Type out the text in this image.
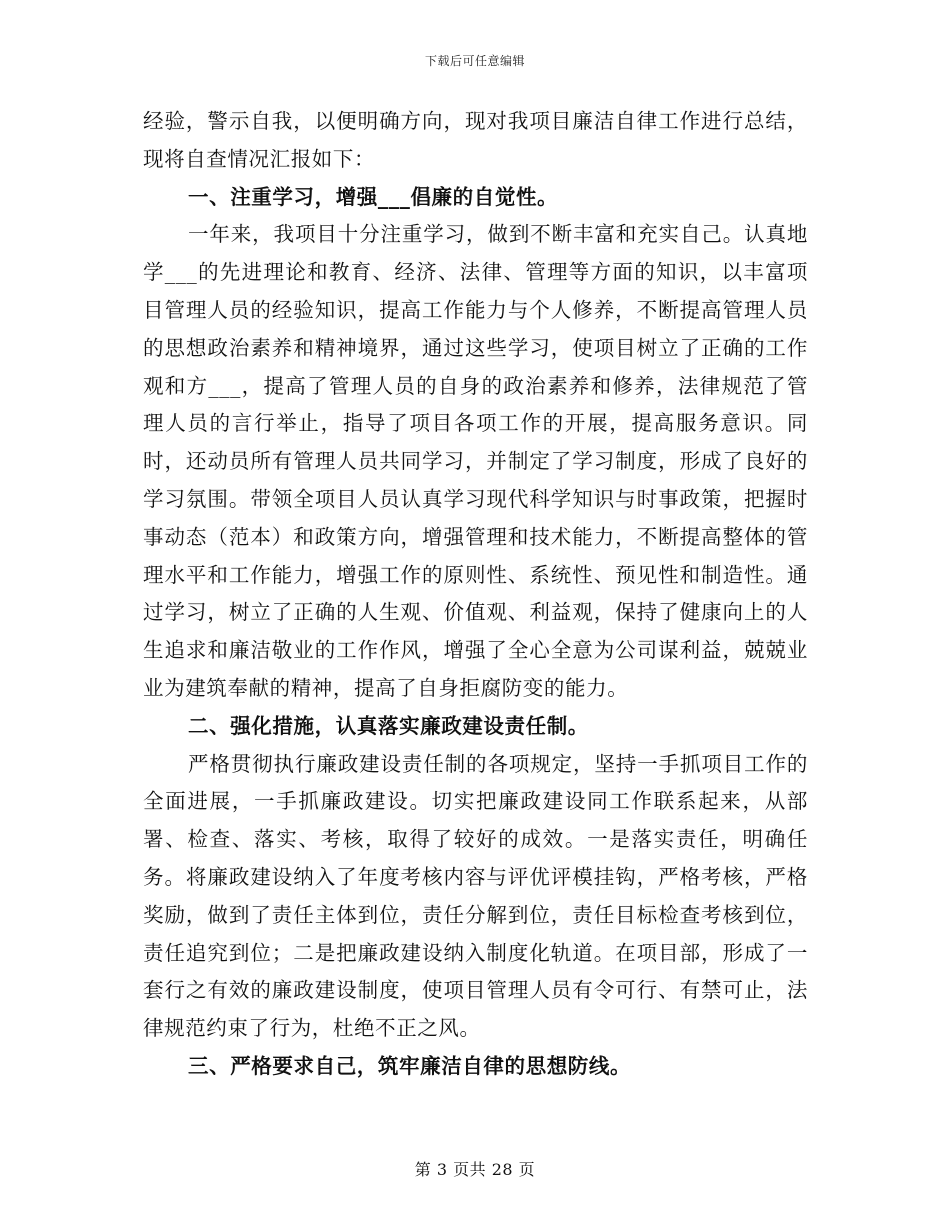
下载后可任意编辑

经验，警示自我，以便明确方向，现对我项目廉洁自律工作进行总结，现将自查情况汇报如下：

一、注重学习，增强___倡廉的自觉性。

一年来，我项目十分注重学习，做到不断丰富和充实自己。认真地学___的先进理论和教育、经济、法律、管理等方面的知识，以丰富项目管理人员的经验知识，提高工作能力与个人修养，不断提高管理人员的思想政治素养和精神境界，通过这些学习，使项目树立了正确的工作观和方___，提高了管理人员的自身的政治素养和修养，法律规范了管理人员的言行举止，指导了项目各项工作的开展，提高服务意识。同时，还动员所有管理人员共同学习，并制定了学习制度，形成了良好的学习氛围。带领全项目人员认真学习现代科学知识与时事政策，把握时事动态（范本）和政策方向，增强管理和技术能力，不断提高整体的管理水平和工作能力，增强工作的原则性、系统性、预见性和制造性。通过学习，树立了正确的人生观、价值观、利益观，保持了健康向上的人生追求和廉洁敬业的工作作风，增强了全心全意为公司谋利益，兢兢业业为建筑奉献的精神，提高了自身拒腐防变的能力。

二、强化措施，认真落实廉政建设责任制。

严格贯彻执行廉政建设责任制的各项规定，坚持一手抓项目工作的全面进展，一手抓廉政建设。切实把廉政建设同工作联系起来，从部署、检查、落实、考核，取得了较好的成效。一是落实责任，明确任务。将廉政建设纳入了年度考核内容与评优评模挂钩，严格考核，严格奖励，做到了责任主体到位，责任分解到位，责任目标检查考核到位，责任追究到位；二是把廉政建设纳入制度化轨道。在项目部，形成了一套行之有效的廉政建设制度，使项目管理人员有令可行、有禁可止，法律规范约束了行为，杜绝不正之风。

三、严格要求自己，筑牢廉洁自律的思想防线。

第 3 页共 28 页
